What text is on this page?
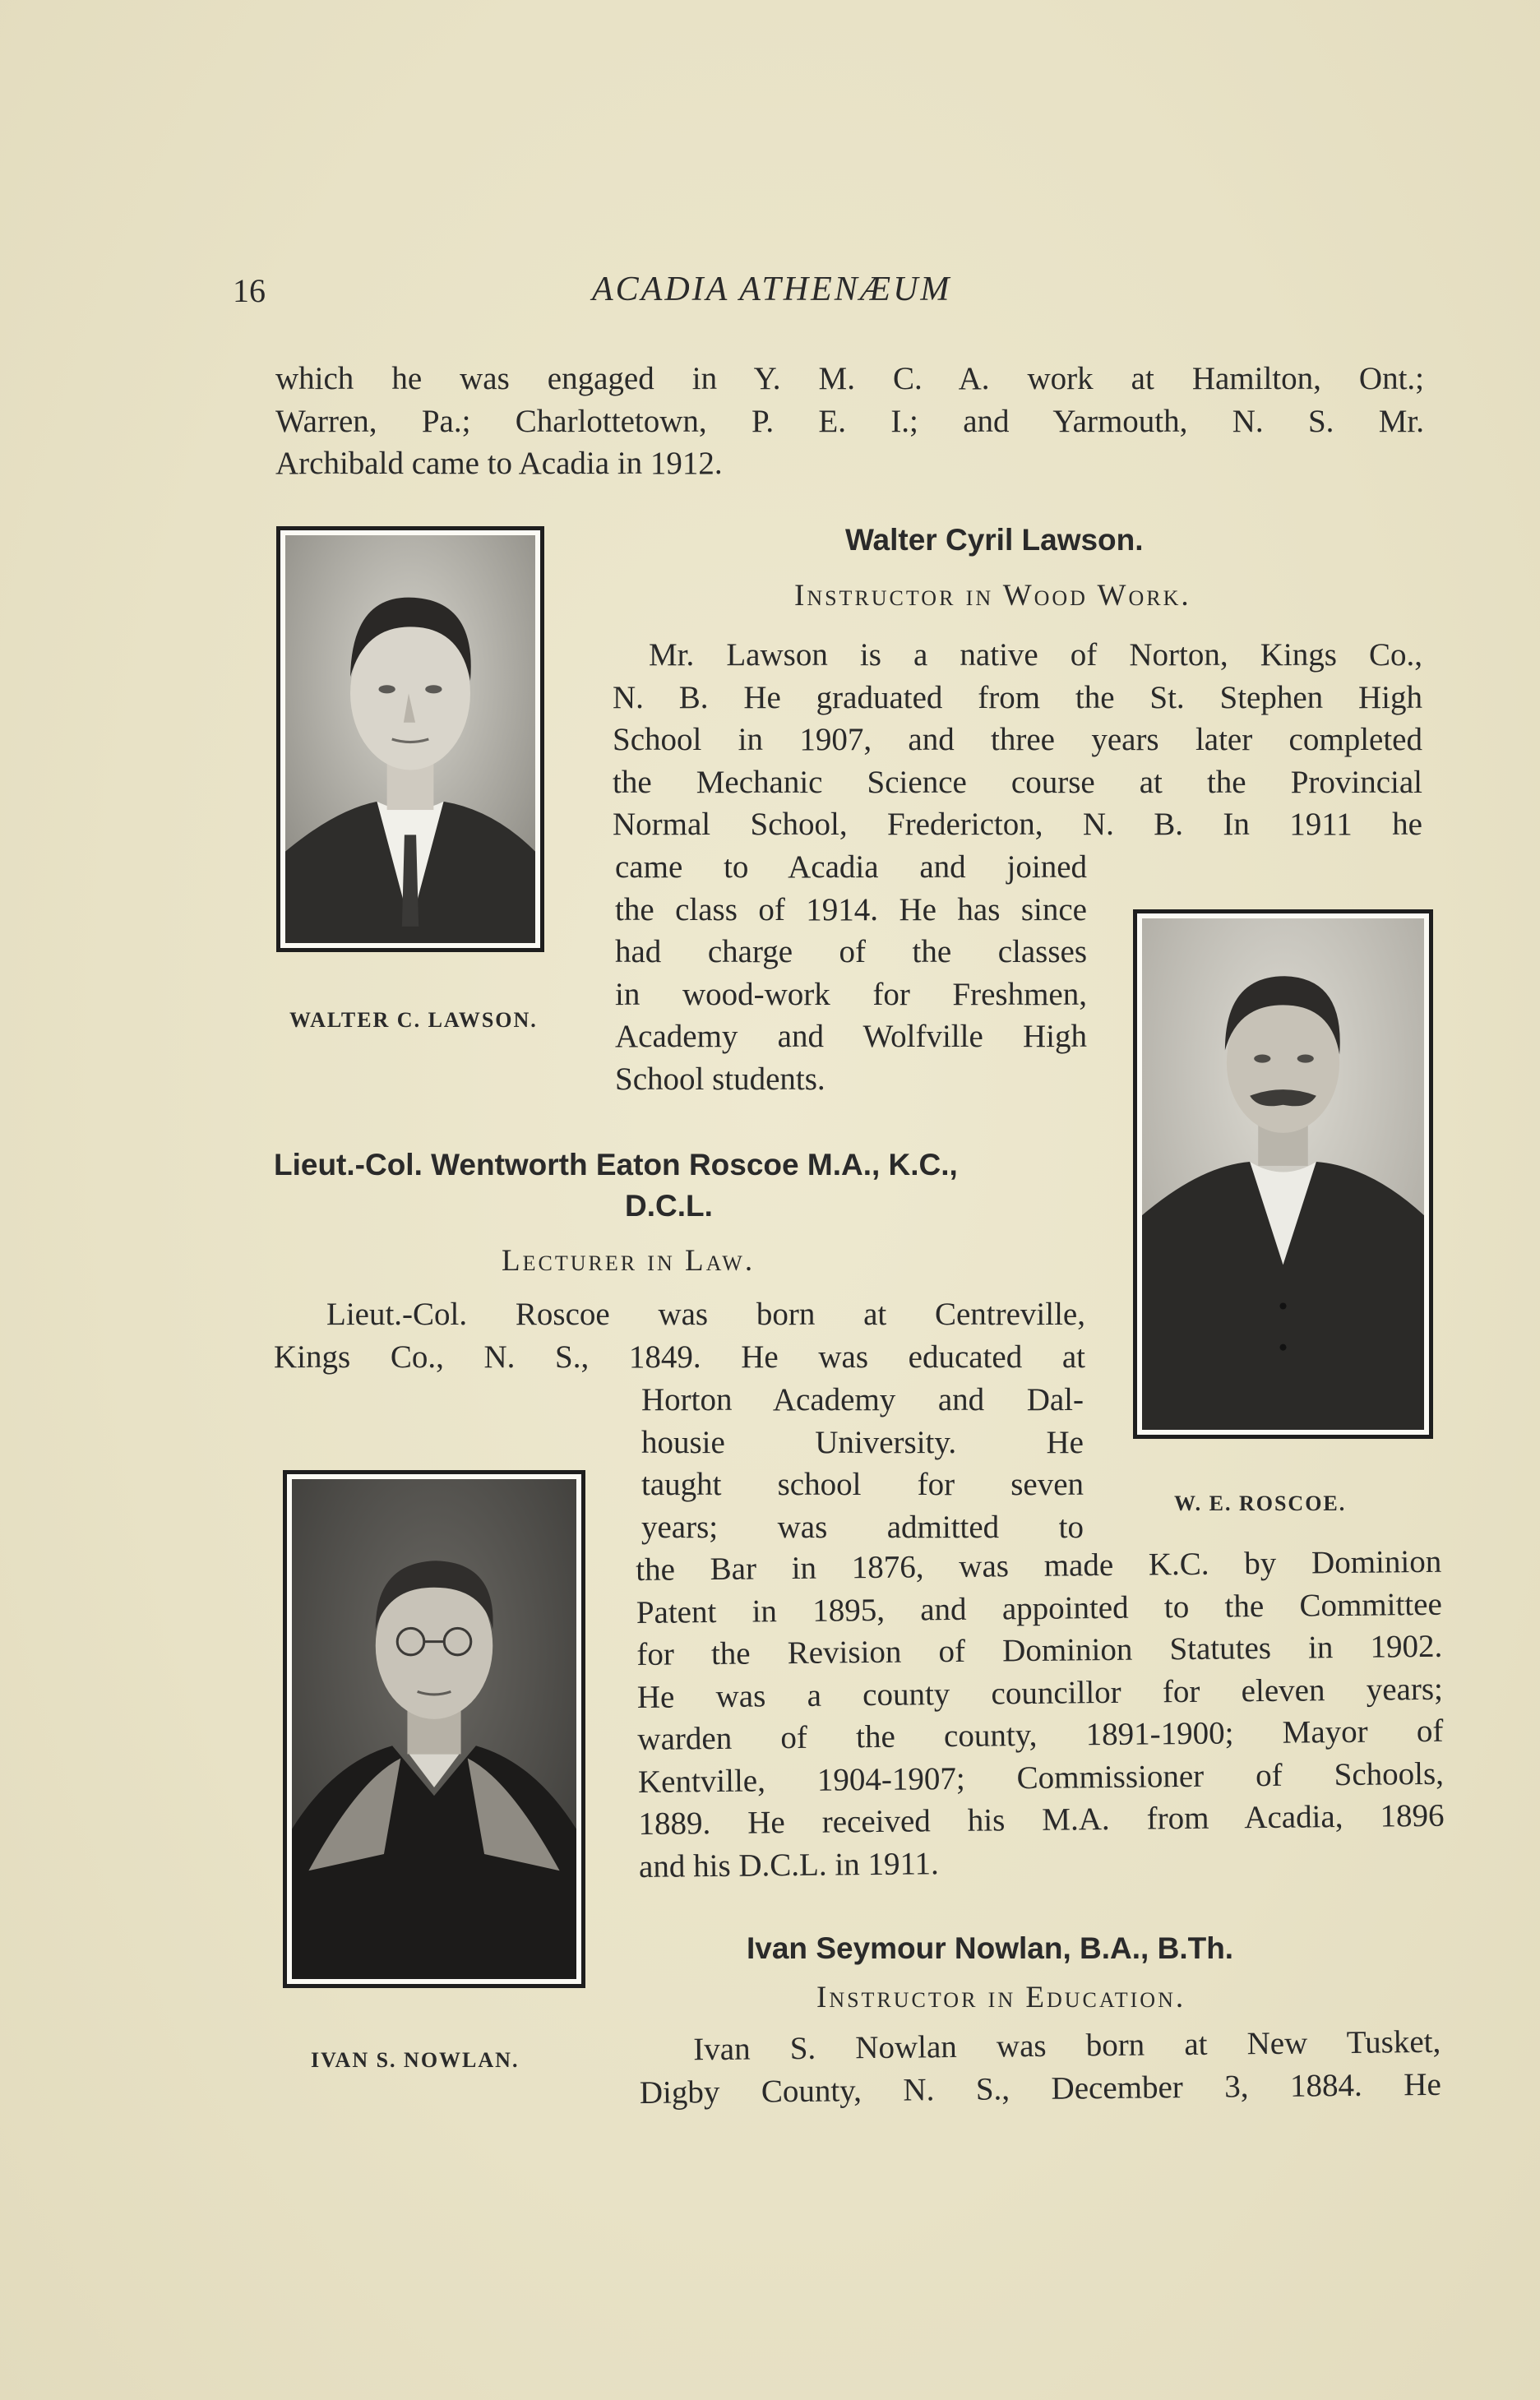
16	ACADIA ATHENÆUM
which he was engaged in Y. M. C. A. work at Hamilton, Ont.;
Warren, Pa.; Charlottetown, P. E. I.; and Yarmouth, N. S. Mr.
Archibald came to Acadia in 1912.
WALTER C. LAWSON.
Walter Cyril Lawson.
Instructor in Wood Work.
Mr. Lawson is a native of Norton, Kings Co.,
N. B. He graduated from the St. Stephen High
School in 1907, and three years later completed
the Mechanic Science course at the Provincial
Normal School, Fredericton, N. B. In 1911 he
came to Acadia and joined
the class of 1914. He has since
had charge of the classes
in wood-work for Freshmen,
Academy and Wolfville High
School students.
W. E. ROSCOE.
Lieut.-Col. Wentworth Eaton Roscoe M.A., K.C.,
D.C.L.
Lecturer in Law.
Lieut.-Col. Roscoe was born at Centreville,
Kings Co., N. S., 1849. He was educated at
Horton Academy and Dal-
housie University. He
taught school for seven
years; was admitted to
the Bar in 1876, was made K.C. by Dominion
Patent in 1895, and appointed to the Committee
for the Revision of Dominion Statutes in 1902.
He was a county councillor for eleven years;
warden of the county, 1891-1900; Mayor of
Kentville, 1904-1907; Commissioner of Schools,
1889. He received his M.A. from Acadia, 1896
and his D.C.L. in 1911.
IVAN S. NOWLAN.
Ivan Seymour Nowlan, B.A., B.Th.
Instructor in Education.
Ivan S. Nowlan was born at New Tusket,
Digby County, N. S., December 3, 1884. He
